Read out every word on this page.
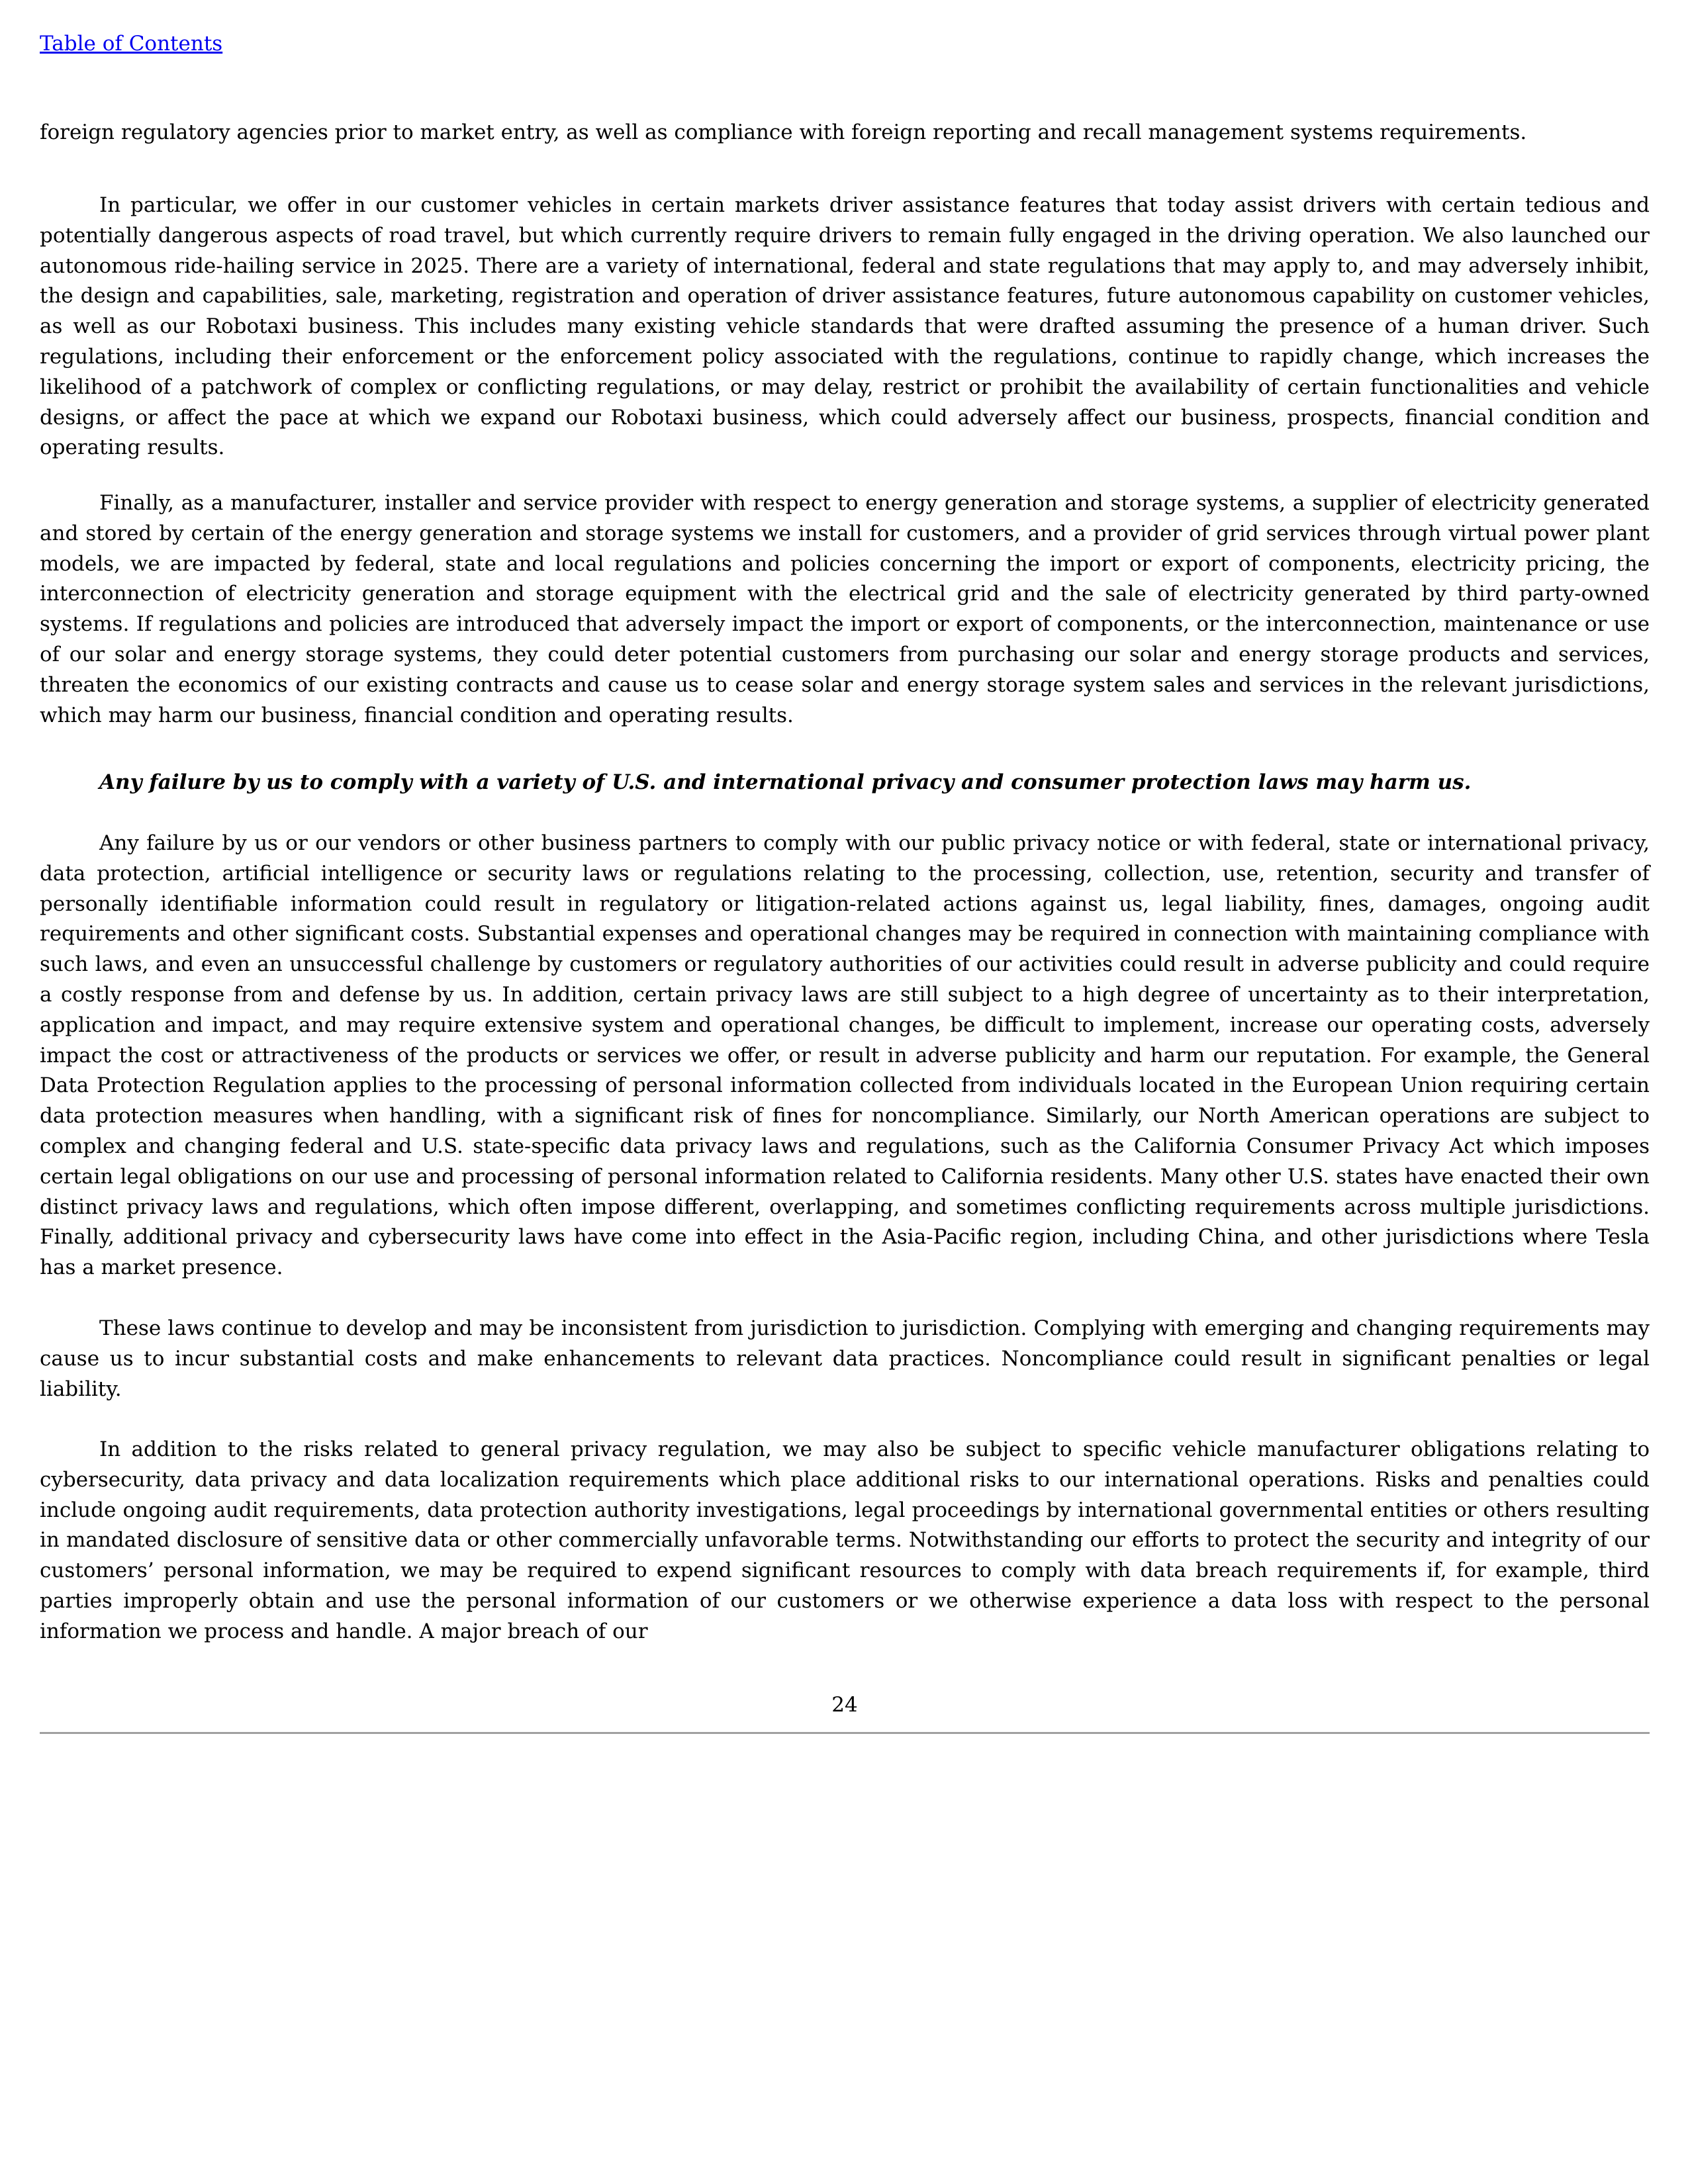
Table of Contents

foreign regulatory agencies prior to market entry, as well as compliance with foreign reporting and recall management systems requirements.

In particular, we offer in our customer vehicles in certain markets driver assistance features that today assist drivers with certain tedious and potentially dangerous aspects of road travel, but which currently require drivers to remain fully engaged in the driving operation. We also launched our autonomous ride-hailing service in 2025. There are a variety of international, federal and state regulations that may apply to, and may adversely inhibit, the design and capabilities, sale, marketing, registration and operation of driver assistance features, future autonomous capability on customer vehicles, as well as our Robotaxi business. This includes many existing vehicle standards that were drafted assuming the presence of a human driver. Such regulations, including their enforcement or the enforcement policy associated with the regulations, continue to rapidly change, which increases the likelihood of a patchwork of complex or conflicting regulations, or may delay, restrict or prohibit the availability of certain functionalities and vehicle designs, or affect the pace at which we expand our Robotaxi business, which could adversely affect our business, prospects, financial condition and operating results.

Finally, as a manufacturer, installer and service provider with respect to energy generation and storage systems, a supplier of electricity generated and stored by certain of the energy generation and storage systems we install for customers, and a provider of grid services through virtual power plant models, we are impacted by federal, state and local regulations and policies concerning the import or export of components, electricity pricing, the interconnection of electricity generation and storage equipment with the electrical grid and the sale of electricity generated by third party-owned systems. If regulations and policies are introduced that adversely impact the import or export of components, or the interconnection, maintenance or use of our solar and energy storage systems, they could deter potential customers from purchasing our solar and energy storage products and services, threaten the economics of our existing contracts and cause us to cease solar and energy storage system sales and services in the relevant jurisdictions, which may harm our business, financial condition and operating results.

Any failure by us to comply with a variety of U.S. and international privacy and consumer protection laws may harm us.

Any failure by us or our vendors or other business partners to comply with our public privacy notice or with federal, state or international privacy, data protection, artificial intelligence or security laws or regulations relating to the processing, collection, use, retention, security and transfer of personally identifiable information could result in regulatory or litigation-related actions against us, legal liability, fines, damages, ongoing audit requirements and other significant costs. Substantial expenses and operational changes may be required in connection with maintaining compliance with such laws, and even an unsuccessful challenge by customers or regulatory authorities of our activities could result in adverse publicity and could require a costly response from and defense by us. In addition, certain privacy laws are still subject to a high degree of uncertainty as to their interpretation, application and impact, and may require extensive system and operational changes, be difficult to implement, increase our operating costs, adversely impact the cost or attractiveness of the products or services we offer, or result in adverse publicity and harm our reputation. For example, the General Data Protection Regulation applies to the processing of personal information collected from individuals located in the European Union requiring certain data protection measures when handling, with a significant risk of fines for noncompliance. Similarly, our North American operations are subject to complex and changing federal and U.S. state-specific data privacy laws and regulations, such as the California Consumer Privacy Act which imposes certain legal obligations on our use and processing of personal information related to California residents. Many other U.S. states have enacted their own distinct privacy laws and regulations, which often impose different, overlapping, and sometimes conflicting requirements across multiple jurisdictions. Finally, additional privacy and cybersecurity laws have come into effect in the Asia-Pacific region, including China, and other jurisdictions where Tesla has a market presence.

These laws continue to develop and may be inconsistent from jurisdiction to jurisdiction. Complying with emerging and changing requirements may cause us to incur substantial costs and make enhancements to relevant data practices. Noncompliance could result in significant penalties or legal liability.

In addition to the risks related to general privacy regulation, we may also be subject to specific vehicle manufacturer obligations relating to cybersecurity, data privacy and data localization requirements which place additional risks to our international operations. Risks and penalties could include ongoing audit requirements, data protection authority investigations, legal proceedings by international governmental entities or others resulting in mandated disclosure of sensitive data or other commercially unfavorable terms. Notwithstanding our efforts to protect the security and integrity of our customers’ personal information, we may be required to expend significant resources to comply with data breach requirements if, for example, third parties improperly obtain and use the personal information of our customers or we otherwise experience a data loss with respect to the personal information we process and handle. A major breach of our

24
